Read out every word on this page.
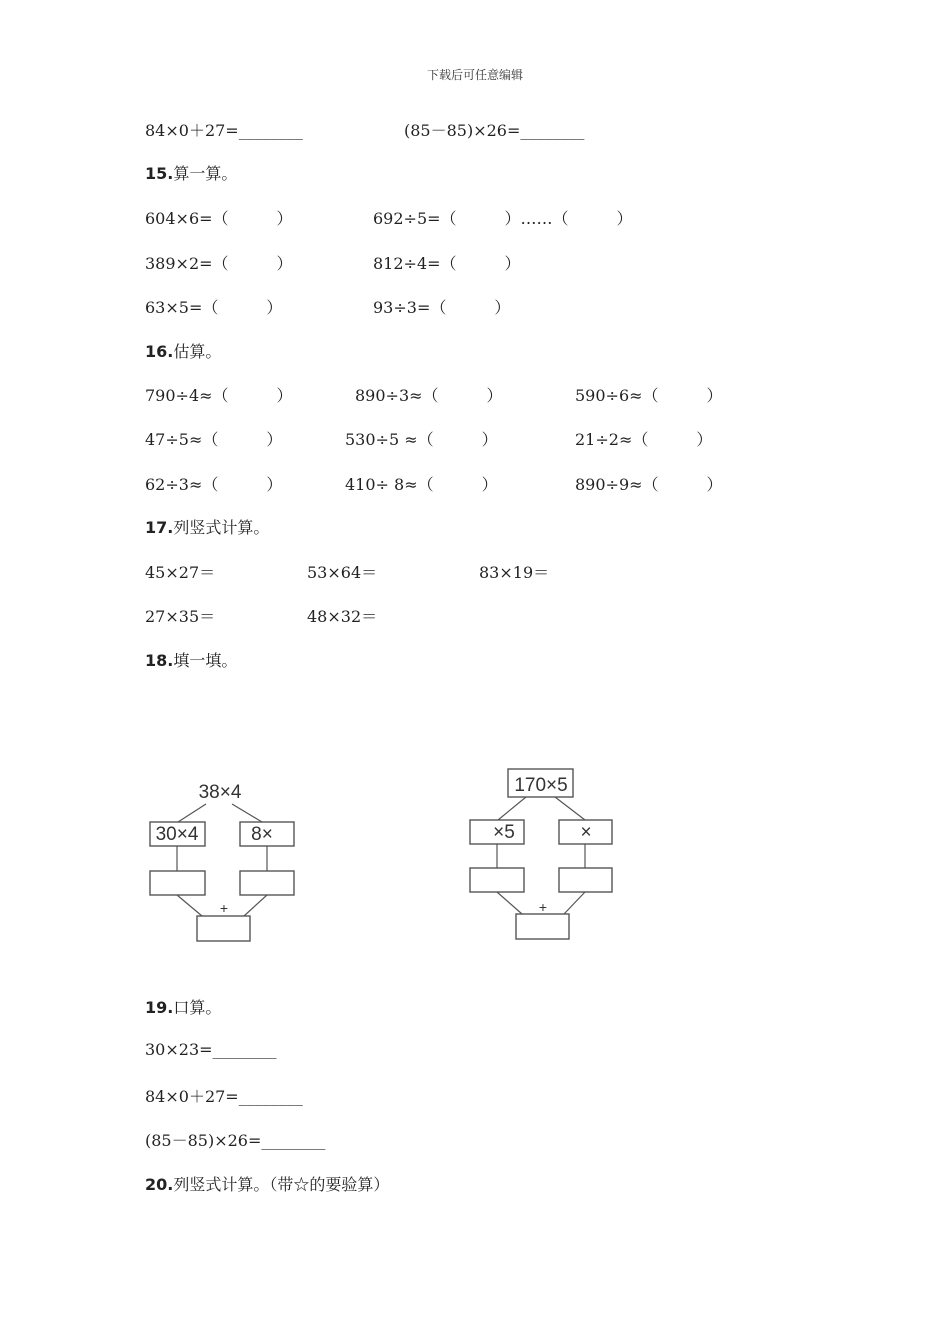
下载后可任意编辑
84×0＋27=________	(85－85)×26=________
15.算一算。
604×6=（　　　）	692÷5=（　　　）……（　　　）
389×2=（　　　）	812÷4=（　　　）
63×5=（　　　）	93÷3=（　　　）
16.估算。
790÷4≈（　　　）	890÷3≈（　　　）	590÷6≈（　　　）
47÷5≈（　　　）	530÷5 ≈（　　　）	21÷2≈（　　　）
62÷3≈（　　　）	410÷ 8≈（　　　）	890÷9≈（　　　）
17.列竖式计算。
45×27＝	53×64＝	83×19＝
27×35＝	48×32＝
18.填一填。
38×4
30×4	8×
+
170×5
×5	×
+
19.口算。
30×23=________
84×0＋27=________
(85－85)×26=________
20.列竖式计算。（带☆的要验算）
